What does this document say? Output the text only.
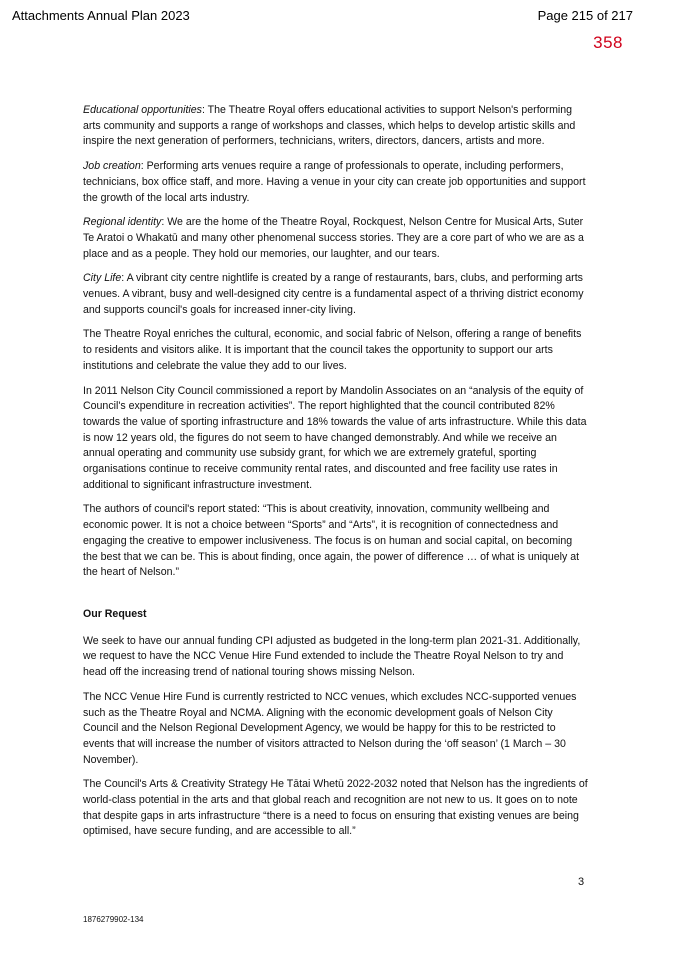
Attachments Annual Plan 2023	Page 215 of 217
358

Educational opportunities: The Theatre Royal offers educational activities to support Nelson's performing arts community and supports a range of workshops and classes, which helps to develop artistic skills and inspire the next generation of performers, technicians, writers, directors, dancers, artists and more.

Job creation: Performing arts venues require a range of professionals to operate, including performers, technicians, box office staff, and more. Having a venue in your city can create job opportunities and support the growth of the local arts industry.

Regional identity: We are the home of the Theatre Royal, Rockquest, Nelson Centre for Musical Arts, Suter Te Aratoi o Whakatū and many other phenomenal success stories. They are a core part of who we are as a place and as a people. They hold our memories, our laughter, and our tears.

City Life: A vibrant city centre nightlife is created by a range of restaurants, bars, clubs, and performing arts venues. A vibrant, busy and well-designed city centre is a fundamental aspect of a thriving district economy and supports council's goals for increased inner-city living.

The Theatre Royal enriches the cultural, economic, and social fabric of Nelson, offering a range of benefits to residents and visitors alike. It is important that the council takes the opportunity to support our arts institutions and celebrate the value they add to our lives.

In 2011 Nelson City Council commissioned a report by Mandolin Associates on an “analysis of the equity of Council's expenditure in recreation activities”. The report highlighted that the council contributed 82% towards the value of sporting infrastructure and 18% towards the value of arts infrastructure. While this data is now 12 years old, the figures do not seem to have changed demonstrably. And while we receive an annual operating and community use subsidy grant, for which we are extremely grateful, sporting organisations continue to receive community rental rates, and discounted and free facility use rates in additional to significant infrastructure investment.

The authors of council's report stated: “This is about creativity, innovation, community wellbeing and economic power. It is not a choice between “Sports” and “Arts”, it is recognition of connectedness and engaging the creative to empower inclusiveness. The focus is on human and social capital, on becoming the best that we can be. This is about finding, once again, the power of difference … of what is uniquely at the heart of Nelson.”

Our Request

We seek to have our annual funding CPI adjusted as budgeted in the long-term plan 2021-31. Additionally, we request to have the NCC Venue Hire Fund extended to include the Theatre Royal Nelson to try and head off the increasing trend of national touring shows missing Nelson.

The NCC Venue Hire Fund is currently restricted to NCC venues, which excludes NCC-supported venues such as the Theatre Royal and NCMA. Aligning with the economic development goals of Nelson City Council and the Nelson Regional Development Agency, we would be happy for this to be restricted to events that will increase the number of visitors attracted to Nelson during the ‘off season’ (1 March – 30 November).

The Council's Arts & Creativity Strategy He Tātai Whetū 2022-2032 noted that Nelson has the ingredients of world-class potential in the arts and that global reach and recognition are not new to us. It goes on to note that despite gaps in arts infrastructure “there is a need to focus on ensuring that existing venues are being optimised, have secure funding, and are accessible to all.”

3
1876279902-134
